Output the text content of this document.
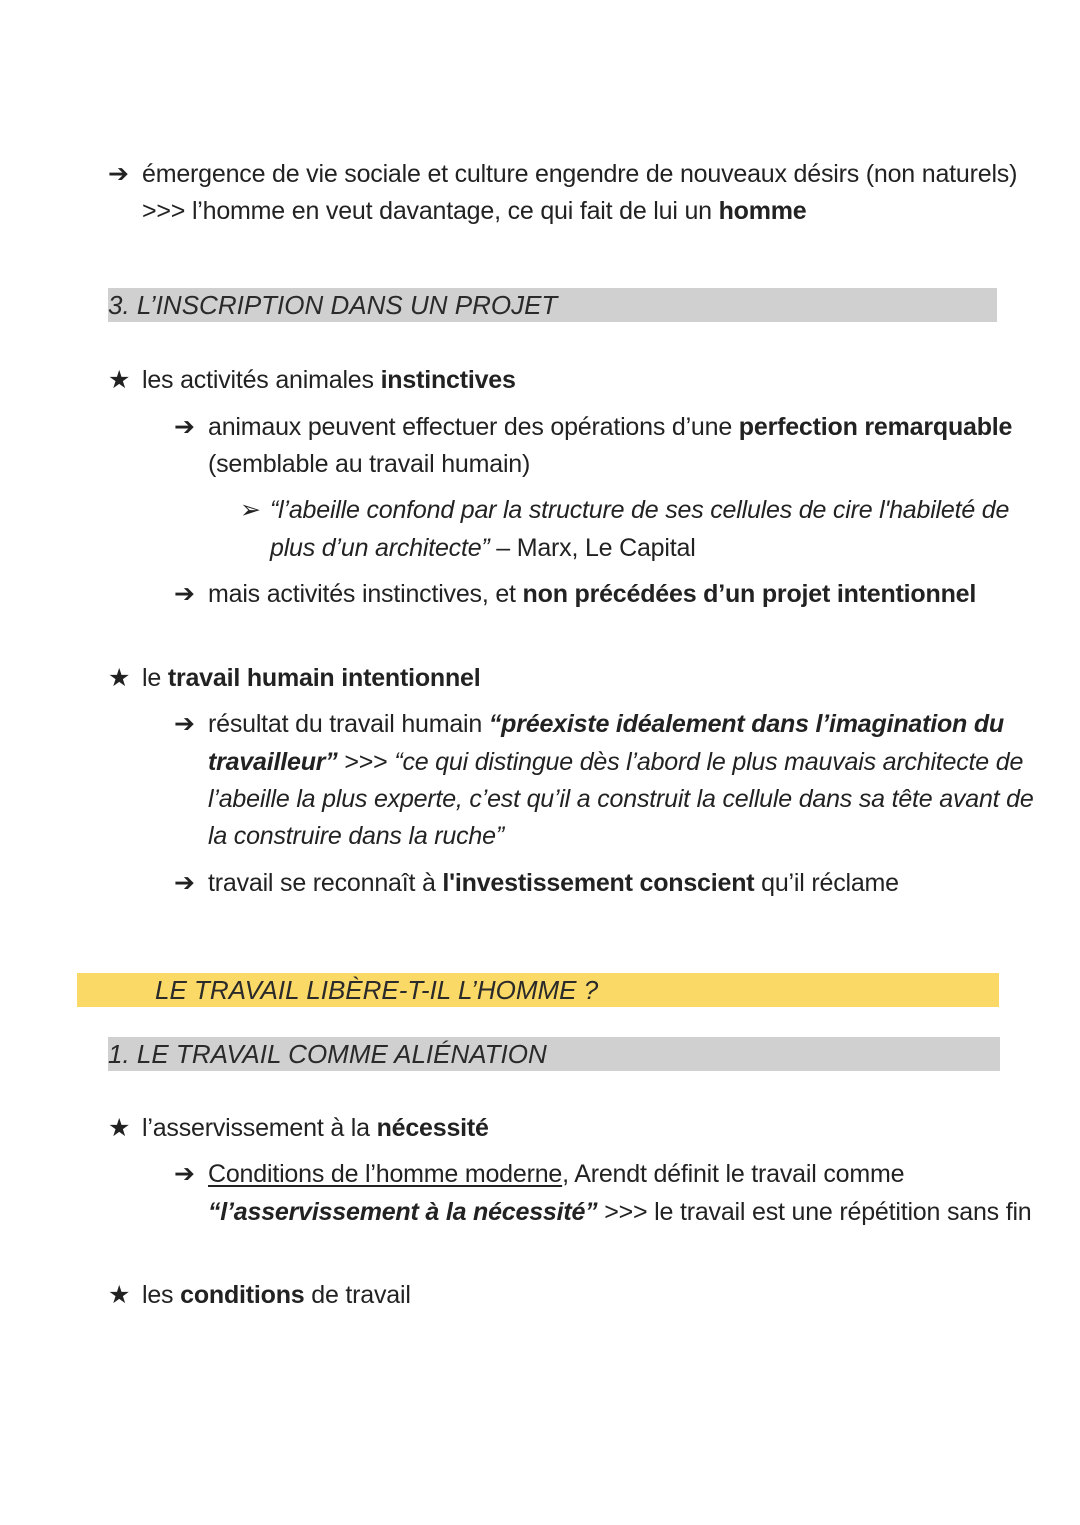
➔ émergence de vie sociale et culture engendre de nouveaux désirs (non naturels)
>>> l’homme en veut davantage, ce qui fait de lui un homme
3. L’INSCRIPTION DANS UN PROJET
★ les activités animales instinctives
➔ animaux peuvent effectuer des opérations d’une perfection remarquable
(semblable au travail humain)
➢ “l’abeille confond par la structure de ses cellules de cire l'habileté de
plus d’un architecte” – Marx, Le Capital
➔ mais activités instinctives, et non précédées d’un projet intentionnel
★ le travail humain intentionnel
➔ résultat du travail humain “préexiste idéalement dans l’imagination du
travailleur” >>> “ce qui distingue dès l’abord le plus mauvais architecte de
l’abeille la plus experte, c’est qu’il a construit la cellule dans sa tête avant de
la construire dans la ruche”
➔ travail se reconnaît à l'investissement conscient qu’il réclame
LE TRAVAIL LIBÈRE-T-IL L’HOMME ?
1. LE TRAVAIL COMME ALIÉNATION
★ l’asservissement à la nécessité
➔ Conditions de l’homme moderne, Arendt définit le travail comme
“l’asservissement à la nécessité” >>> le travail est une répétition sans fin
★ les conditions de travail
